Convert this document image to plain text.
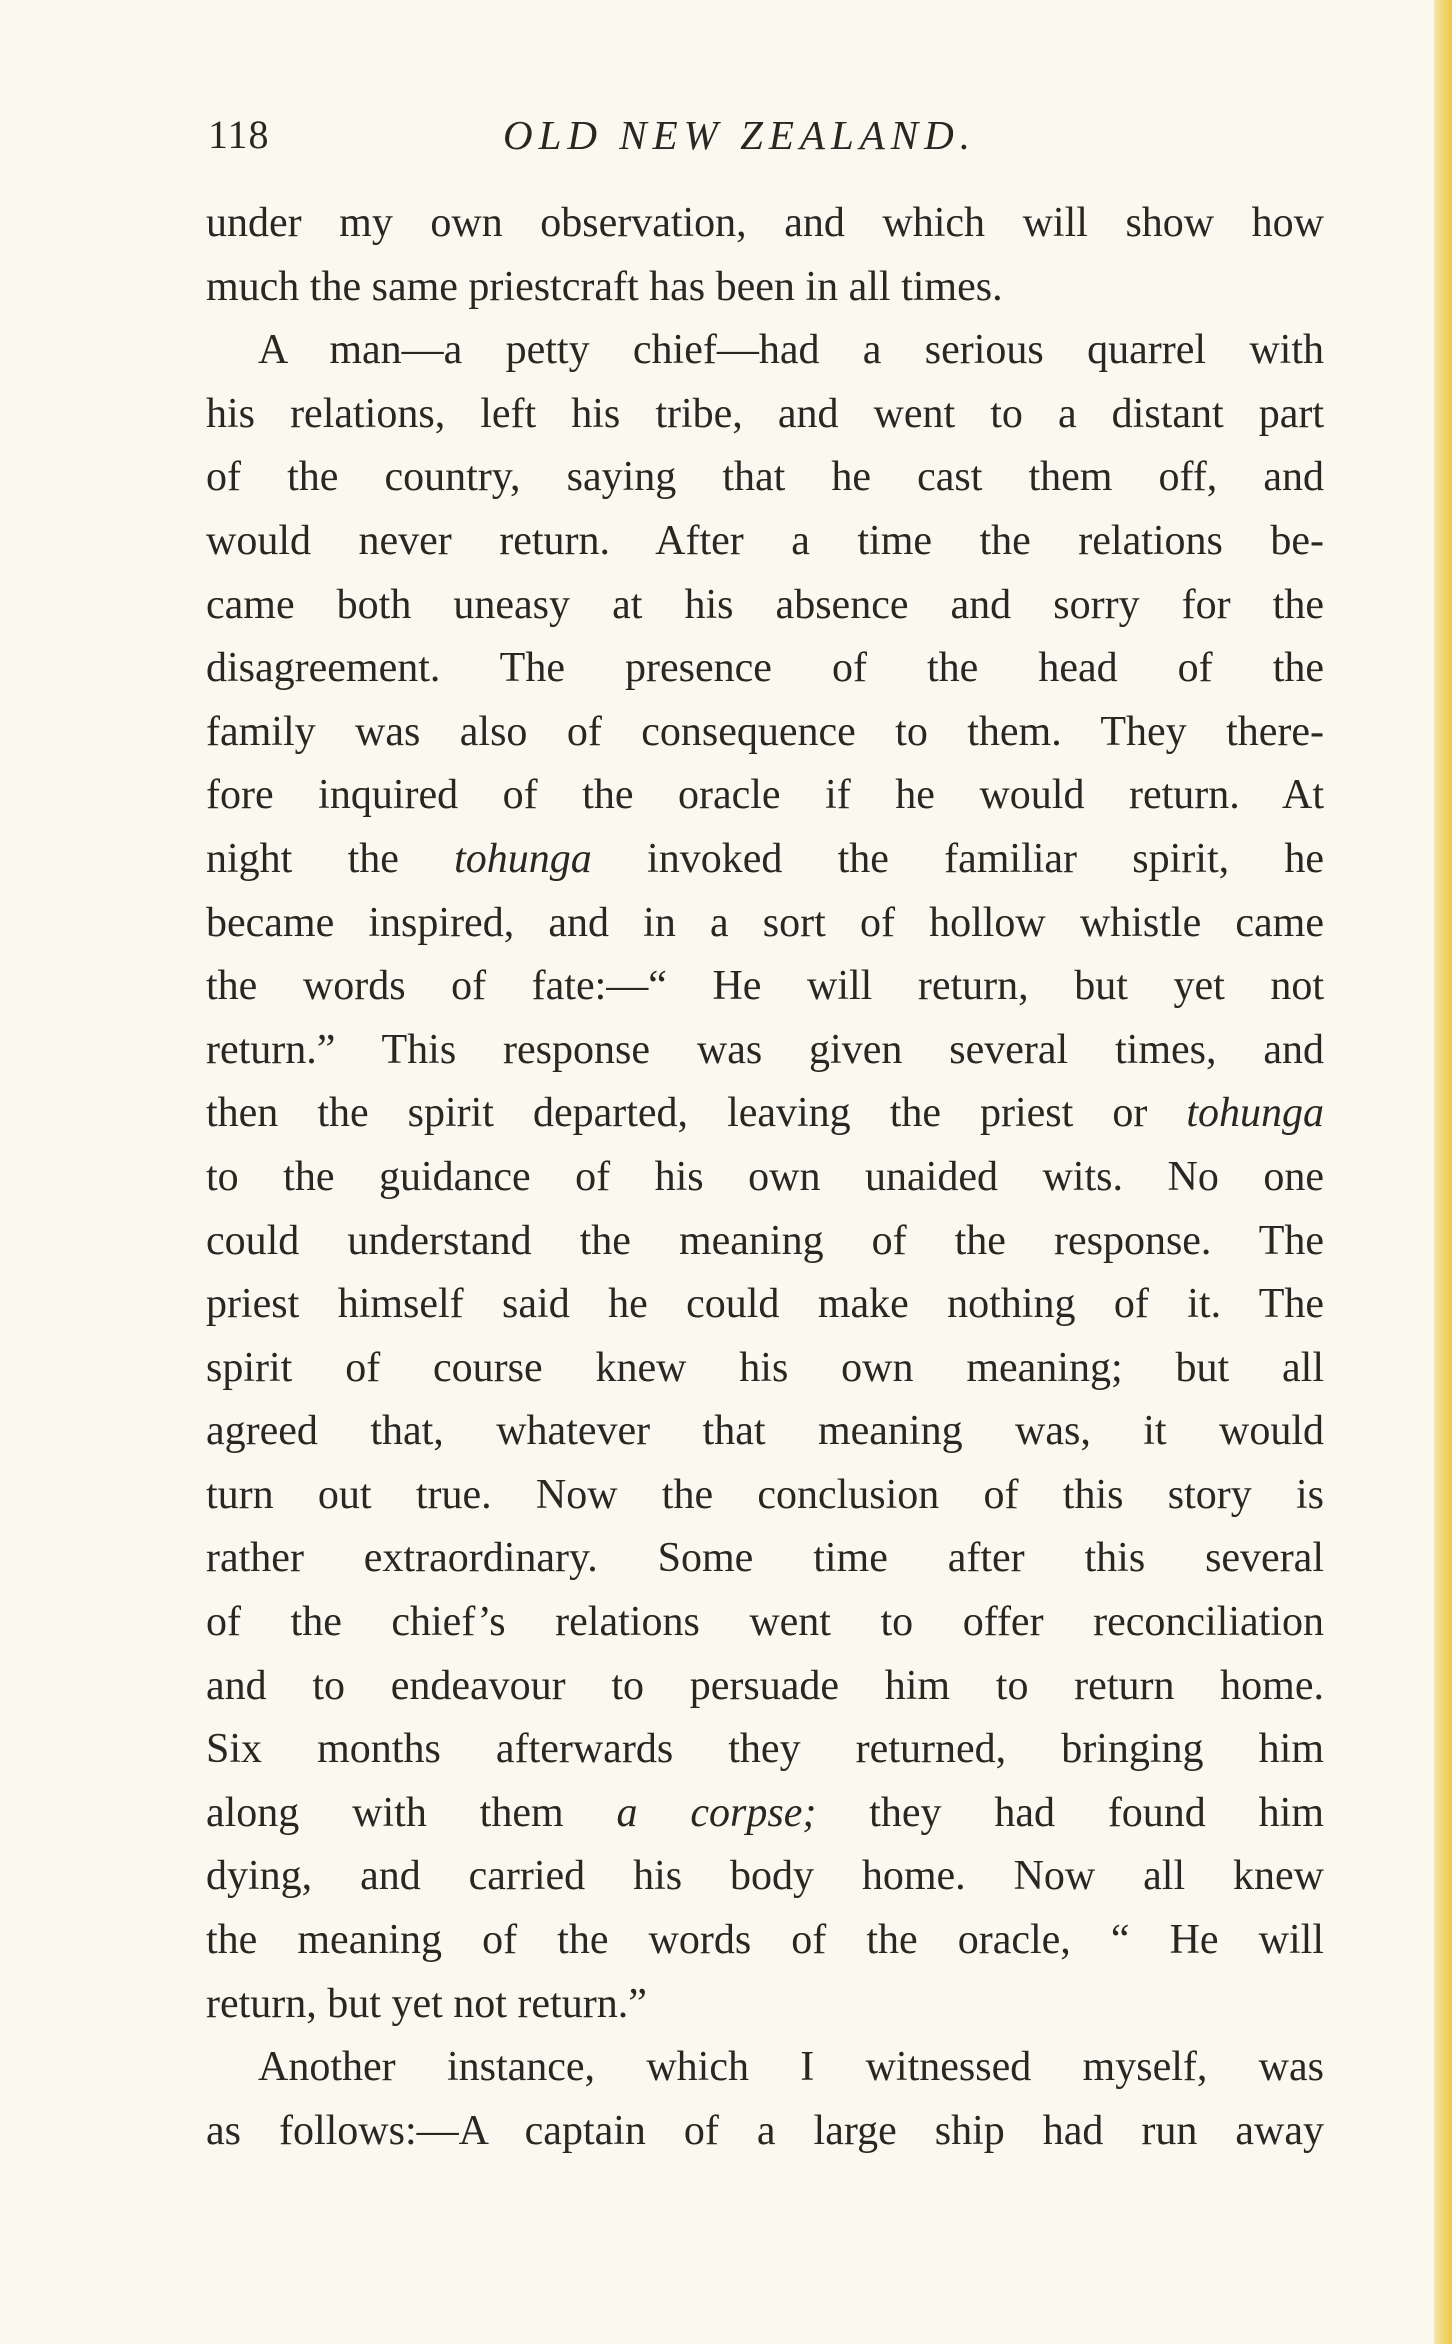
118	OLD NEW ZEALAND.
under my own observation, and which will show how
much the same priestcraft has been in all times.
A man—a petty chief—had a serious quarrel with
his relations, left his tribe, and went to a distant part
of the country, saying that he cast them off, and
would never return. After a time the relations be-
came both uneasy at his absence and sorry for the
disagreement. The presence of the head of the
family was also of consequence to them. They there-
fore inquired of the oracle if he would return. At
night the tohunga invoked the familiar spirit, he
became inspired, and in a sort of hollow whistle came
the words of fate:—“ He will return, but yet not
return.” This response was given several times, and
then the spirit departed, leaving the priest or tohunga
to the guidance of his own unaided wits. No one
could understand the meaning of the response. The
priest himself said he could make nothing of it. The
spirit of course knew his own meaning; but all
agreed that, whatever that meaning was, it would
turn out true. Now the conclusion of this story is
rather extraordinary. Some time after this several
of the chief’s relations went to offer reconciliation
and to endeavour to persuade him to return home.
Six months afterwards they returned, bringing him
along with them a corpse; they had found him
dying, and carried his body home. Now all knew
the meaning of the words of the oracle, “ He will
return, but yet not return.”
Another instance, which I witnessed myself, was
as follows:—A captain of a large ship had run away
